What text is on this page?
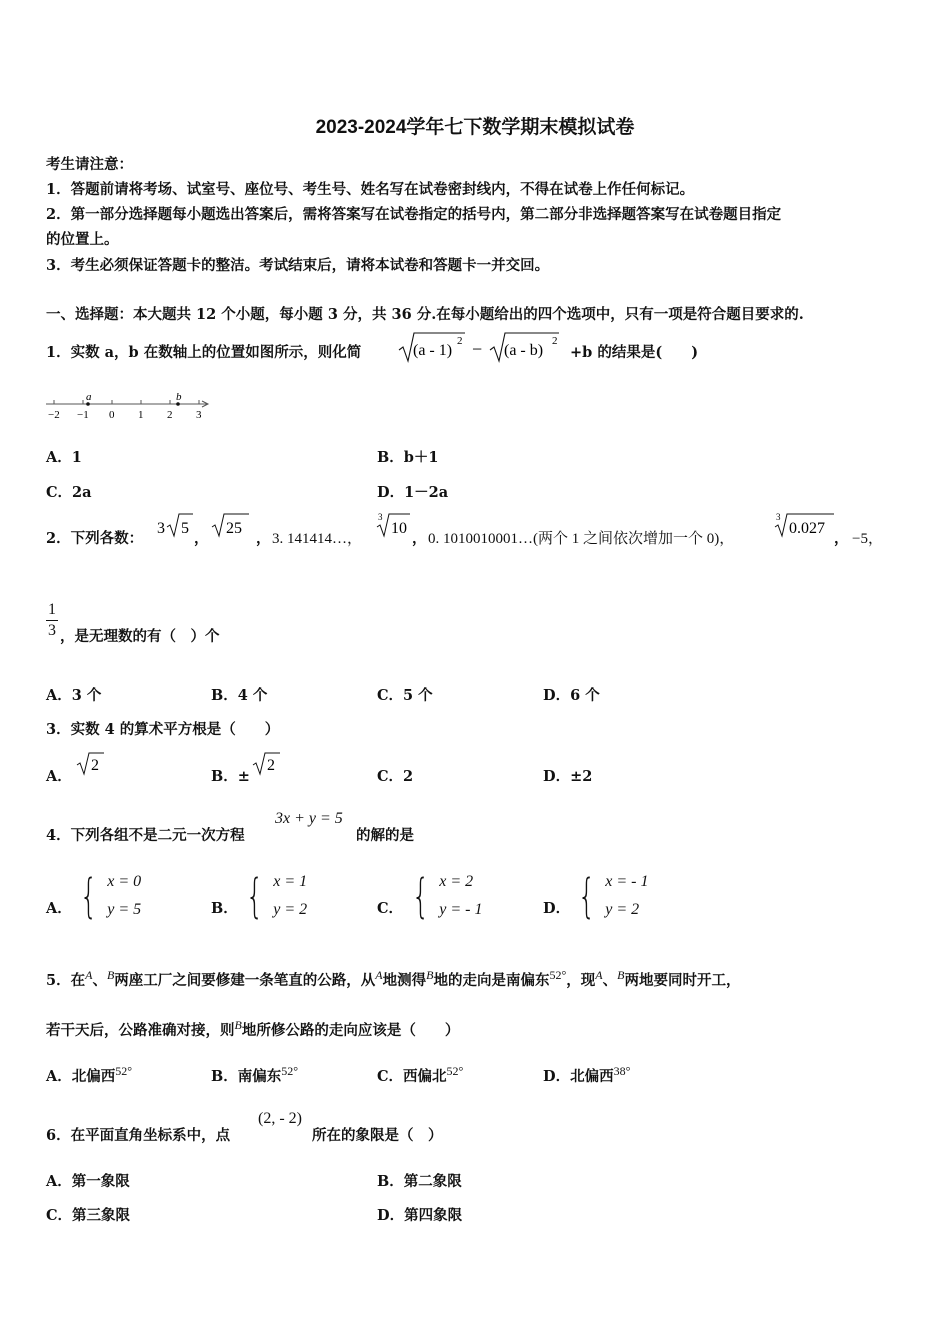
2023-2024学年七下数学期末模拟试卷
考生请注意：
1．答题前请将考场、试室号、座位号、考生号、姓名写在试卷密封线内，不得在试卷上作任何标记。
2．第一部分选择题每小题选出答案后，需将答案写在试卷指定的括号内，第二部分非选择题答案写在试卷题目指定
的位置上。
3．考生必须保证答题卡的整洁。考试结束后，请将本试卷和答题卡一并交回。
一、选择题：本大题共 12 个小题，每小题 3 分，共 36 分.在每小题给出的四个选项中，只有一项是符合题目要求的.
1．实数 a，b 在数轴上的位置如图所示，则化简	(a - 1)
2 − (a - b)
2
+b 的结果是(　　)
−2 −1 0 1 2 3
a	b
A．1	B．b＋1
C．2a	D．1－2a
2．下列各数：
3 5
，
25
， 3. 141414…，
3
10
， 0. 1010010001…(两个 1 之间依次增加一个 0)，
3
0.027
， −5，
$\frac{1}{3}$ ，是无理数的有（　）个
A．3 个	B．4 个	C．5 个	D．6 个
3．实数 4 的算术平方根是（　　）
A．
2
B．±
2
C．2	D．±2
4．下列各组不是二元一次方程
3x + y = 5
的解的是
A． { x = 0
y = 5	B． { x = 1
y = 2	C． { x = 2
y = - 1	D． { x = - 1
y = 2
5．在$^A$、$^B$两座工厂之间要修建一条笔直的公路，从$^A$地测得$^B$地的走向是南偏东$^{52^\circ}$，现$^A$、$^B$两地要同时开工，
若干天后，公路准确对接，则$^B$地所修公路的走向应该是（　　）
A．北偏西$^{52^\circ}$	B．南偏东$^{52^\circ}$	C．西偏北$^{52^\circ}$	D．北偏西$^{38^\circ}$
6．在平面直角坐标系中，点
(2, - 2)
所在的象限是（　）
A．第一象限	B．第二象限
C．第三象限	D．第四象限
